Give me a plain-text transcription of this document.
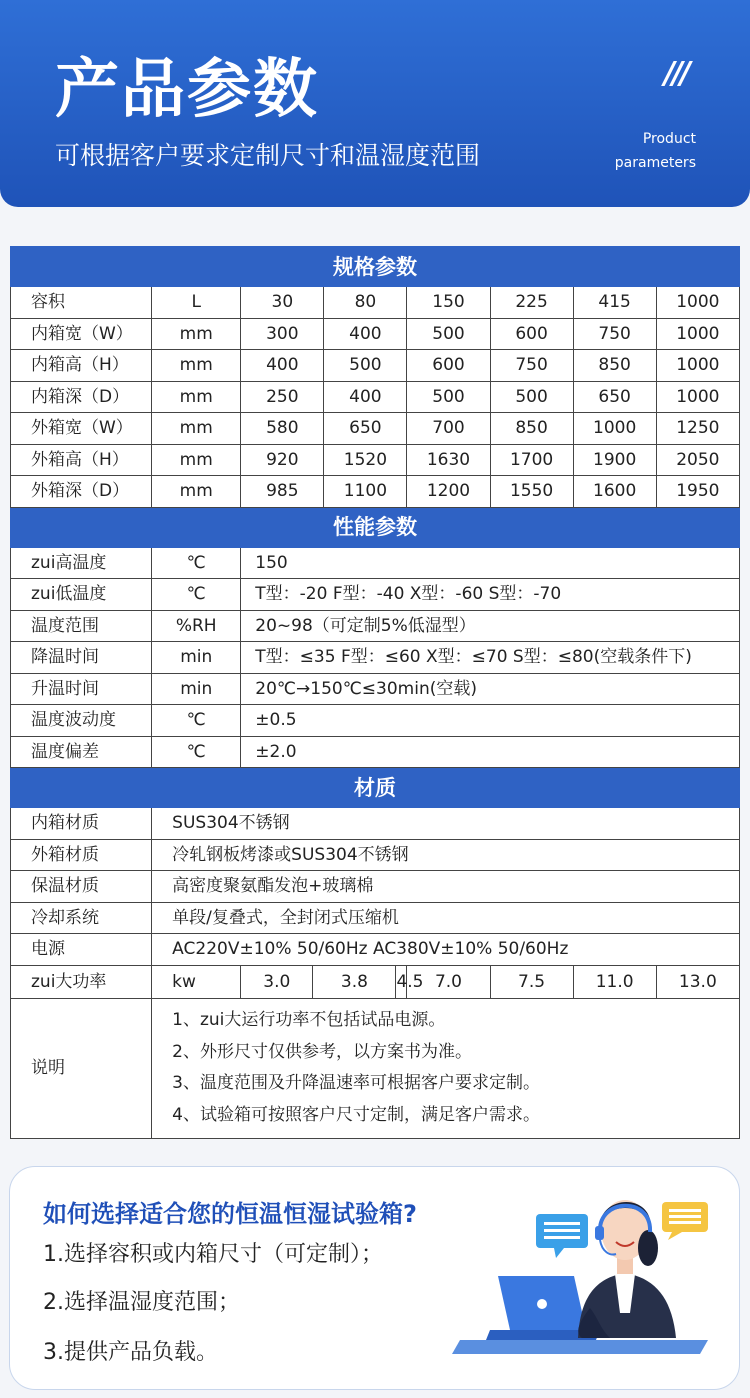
产品参数
可根据客户要求定制尺寸和温湿度范围
///
Product
parameters
规格参数									
容积	L	30		80		150	225	415	1000
内箱宽（W）	mm	300		400		500	600	750	1000
内箱高（H）	mm	400		500		600	750	850	1000
内箱深（D）	mm	250		400		500	500	650	1000
外箱宽（W）	mm	580		650		700	850	1000	1250
外箱高（H）	mm	920		1520		1630	1700	1900	2050
外箱深（D）	mm	985		1100		1200	1550	1600	1950
性能参数									
zui高温度	℃	150							
zui低温度	℃	T型：-20 F型：-40 X型：-60 S型：-70							
温度范围	%RH	20~98（可定制5%低湿型）							
降温时间	min	T型：≤35 F型：≤60 X型：≤70 S型：≤80(空载条件下)							
升温时间	min	20℃→150℃≤30min(空载)							
温度波动度	℃	±0.5							
温度偏差	℃	±2.0							
材质									
内箱材质	SUS304不锈钢								
外箱材质	冷轧钢板烤漆或SUS304不锈钢								
保温材质	高密度聚氨酯发泡+玻璃棉								
冷却系统	单段/复叠式，全封闭式压缩机								
电源	AC220V±10% 50/60Hz AC380V±10% 50/60Hz								
zui大功率	kw	3.0	3.8		4.5	7.0	7.5	11.0	13.0
说明	1、zui大运行功率不包括试品电源。
2、外形尺寸仅供参考，以方案书为准。
3、温度范围及升降温速率可根据客户要求定制。
4、试验箱可按照客户尺寸定制，满足客户需求。								
如何选择适合您的恒温恒湿试验箱?
1.选择容积或内箱尺寸（可定制）；
2.选择温湿度范围；
3.提供产品负载。
